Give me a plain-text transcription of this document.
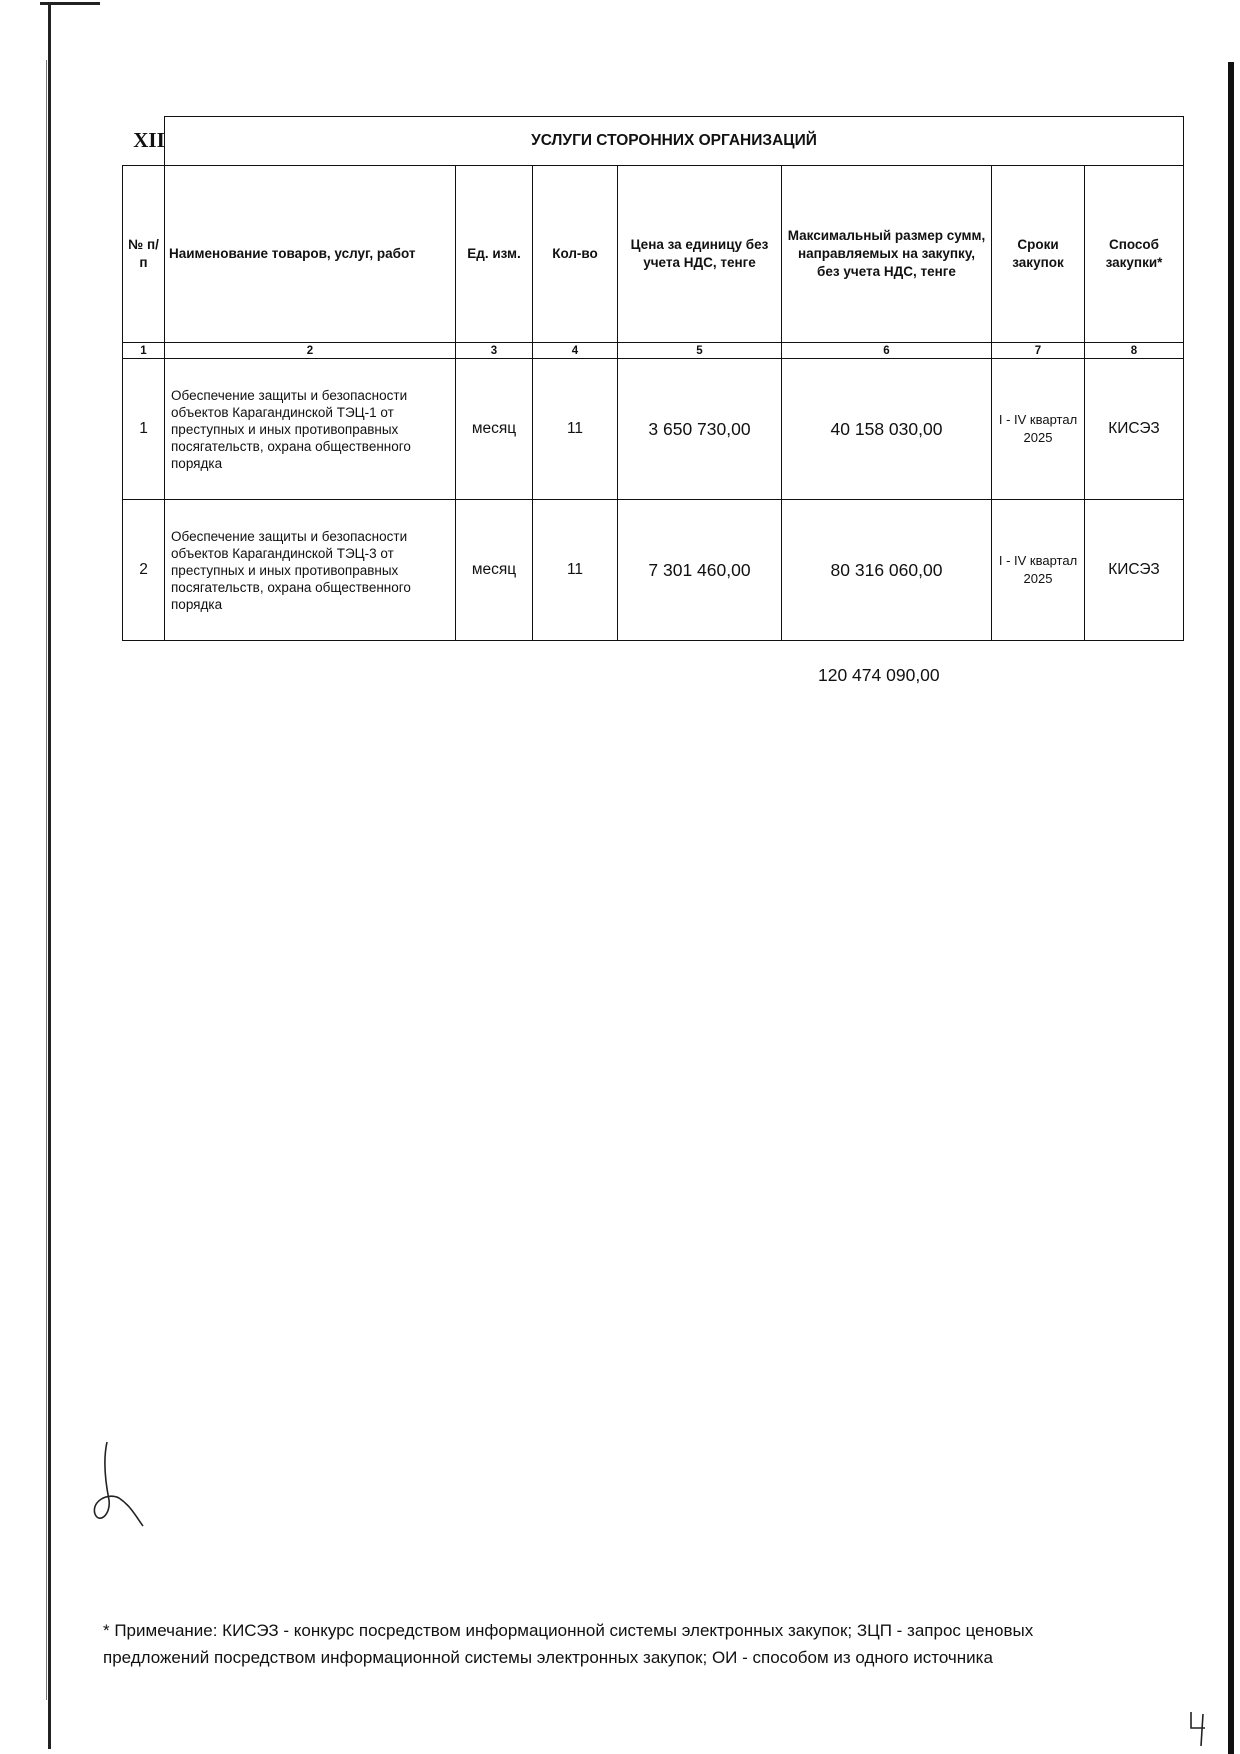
XII
		УСЛУГИ СТОРОННИХ ОРГАНИЗАЦИЙ						
№ п/п	Наименование товаров, услуг, работ	Ед. изм.	Кол-во	Цена за единицу без учета НДС, тенге	Максимальный размер сумм, направляемых на закупку, без учета НДС, тенге	Сроки закупок	Способ закупки*
1	2	3	4	5	6	7	8
1	Обеспечение защиты и безопасности объектов Карагандинской ТЭЦ-1 от преступных и иных противоправных посягательств, охрана общественного порядка	месяц	11	3 650 730,00	40 158 030,00	I - IV квартал 2025	КИСЭЗ
2	Обеспечение защиты и безопасности объектов Карагандинской ТЭЦ-3 от преступных и иных противоправных посягательств, охрана общественного порядка	месяц	11	7 301 460,00	80 316 060,00	I - IV квартал 2025	КИСЭЗ
120 474 090,00
* Примечание: КИСЭЗ - конкурс посредством информационной системы электронных закупок; ЗЦП - запрос ценовых предложений посредством информационной системы электронных закупок; ОИ - способом из одного источника
